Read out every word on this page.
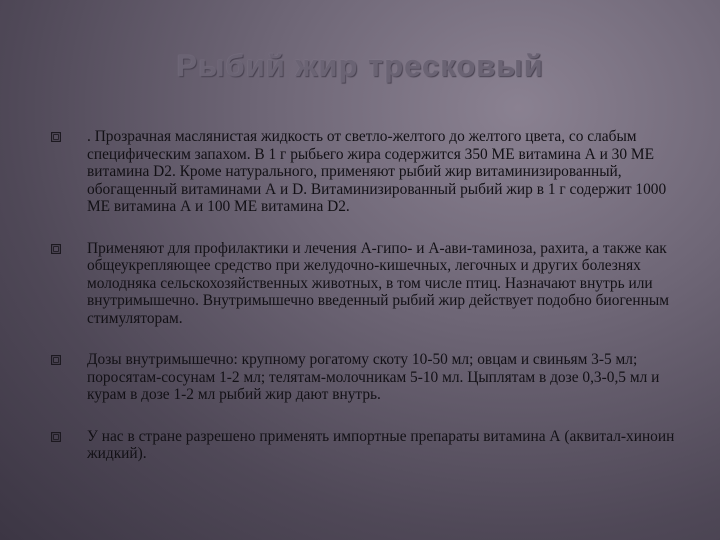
Рыбий жир тресковый
. Прозрачная маслянистая жидкость от светло-желтого до желтого цвета, со слабым специфическим запахом. В 1 г рыбьего жира содержится 350 МЕ витамина А и 30 МЕ витамина D2. Кроме натурального, применяют рыбий жир витаминизированный, обогащенный витаминами А и D. Витаминизированный рыбий жир в 1 г содержит 1000 МЕ витамина А и 100 МЕ витамина D2.
Применяют для профилактики и лечения А-гипо- и А-ави-таминоза, рахита, а также как общеукрепляющее средство при желудочно-кишечных, легочных и других болезнях молодняка сельскохозяйственных животных, в том числе птиц. Назначают внутрь или внутримышечно. Внутримышечно введенный рыбий жир действует подобно биогенным стимуляторам.
Дозы внутримышечно: крупному рогатому скоту 10-50 мл; овцам и свиньям 3-5 мл; поросятам-сосунам 1-2 мл; телятам-молочникам 5-10 мл. Цыплятам в дозе 0,3-0,5 мл и курам в дозе 1-2 мл рыбий жир дают внутрь.
У нас в стране разрешено применять импортные препараты витамина А (аквитал-хиноин жидкий).
